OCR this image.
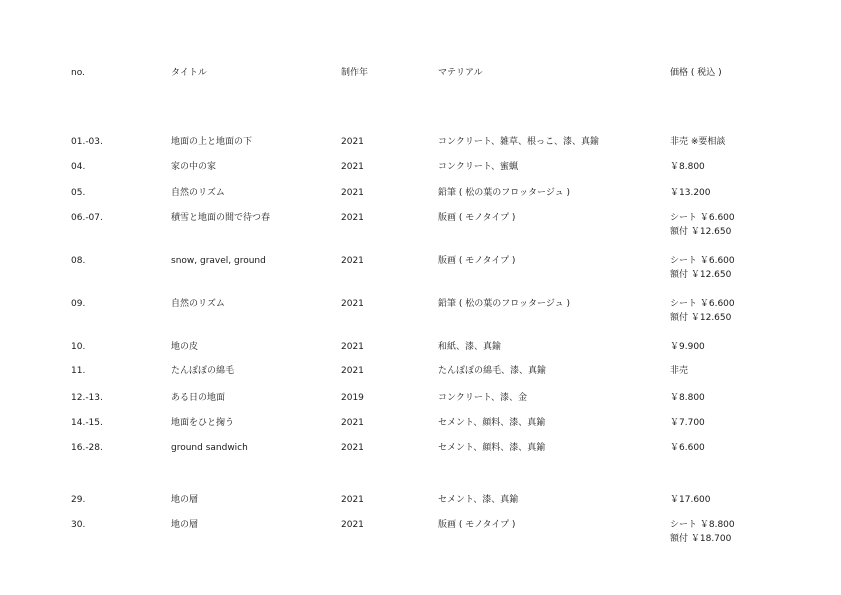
no.	タイトル	制作年	マテリアル	価格 ( 税込 )
01.-03.	地面の上と地面の下	2021	コンクリート、雑草、根っこ、漆、真鍮	非売 ※要相談
04.	家の中の家	2021	コンクリート、蜜蝋	￥8.800
05.	自然のリズム	2021	鉛筆 ( 松の葉のフロッタージュ )	￥13.200
06.-07.	積雪と地面の間で待つ春	2021	版画 ( モノタイプ )	シート ￥6.600
額付 ￥12.650
08.	snow, gravel, ground	2021	版画 ( モノタイプ )	シート ￥6.600
額付 ￥12.650
09.	自然のリズム	2021	鉛筆 ( 松の葉のフロッタージュ )	シート ￥6.600
額付 ￥12.650
10.	地の皮	2021	和紙、漆、真鍮	￥9.900
11.	たんぽぽの綿毛	2021	たんぽぽの綿毛、漆、真鍮	非売
12.-13.	ある日の地面	2019	コンクリート、漆、金	￥8.800
14.-15.	地面をひと掬う	2021	セメント、顔料、漆、真鍮	￥7.700
16.-28.	ground sandwich	2021	セメント、顔料、漆、真鍮	￥6.600
29.	地の層	2021	セメント、漆、真鍮	￥17.600
30.	地の層	2021	版画 ( モノタイプ )	シート ￥8.800
額付 ￥18.700
